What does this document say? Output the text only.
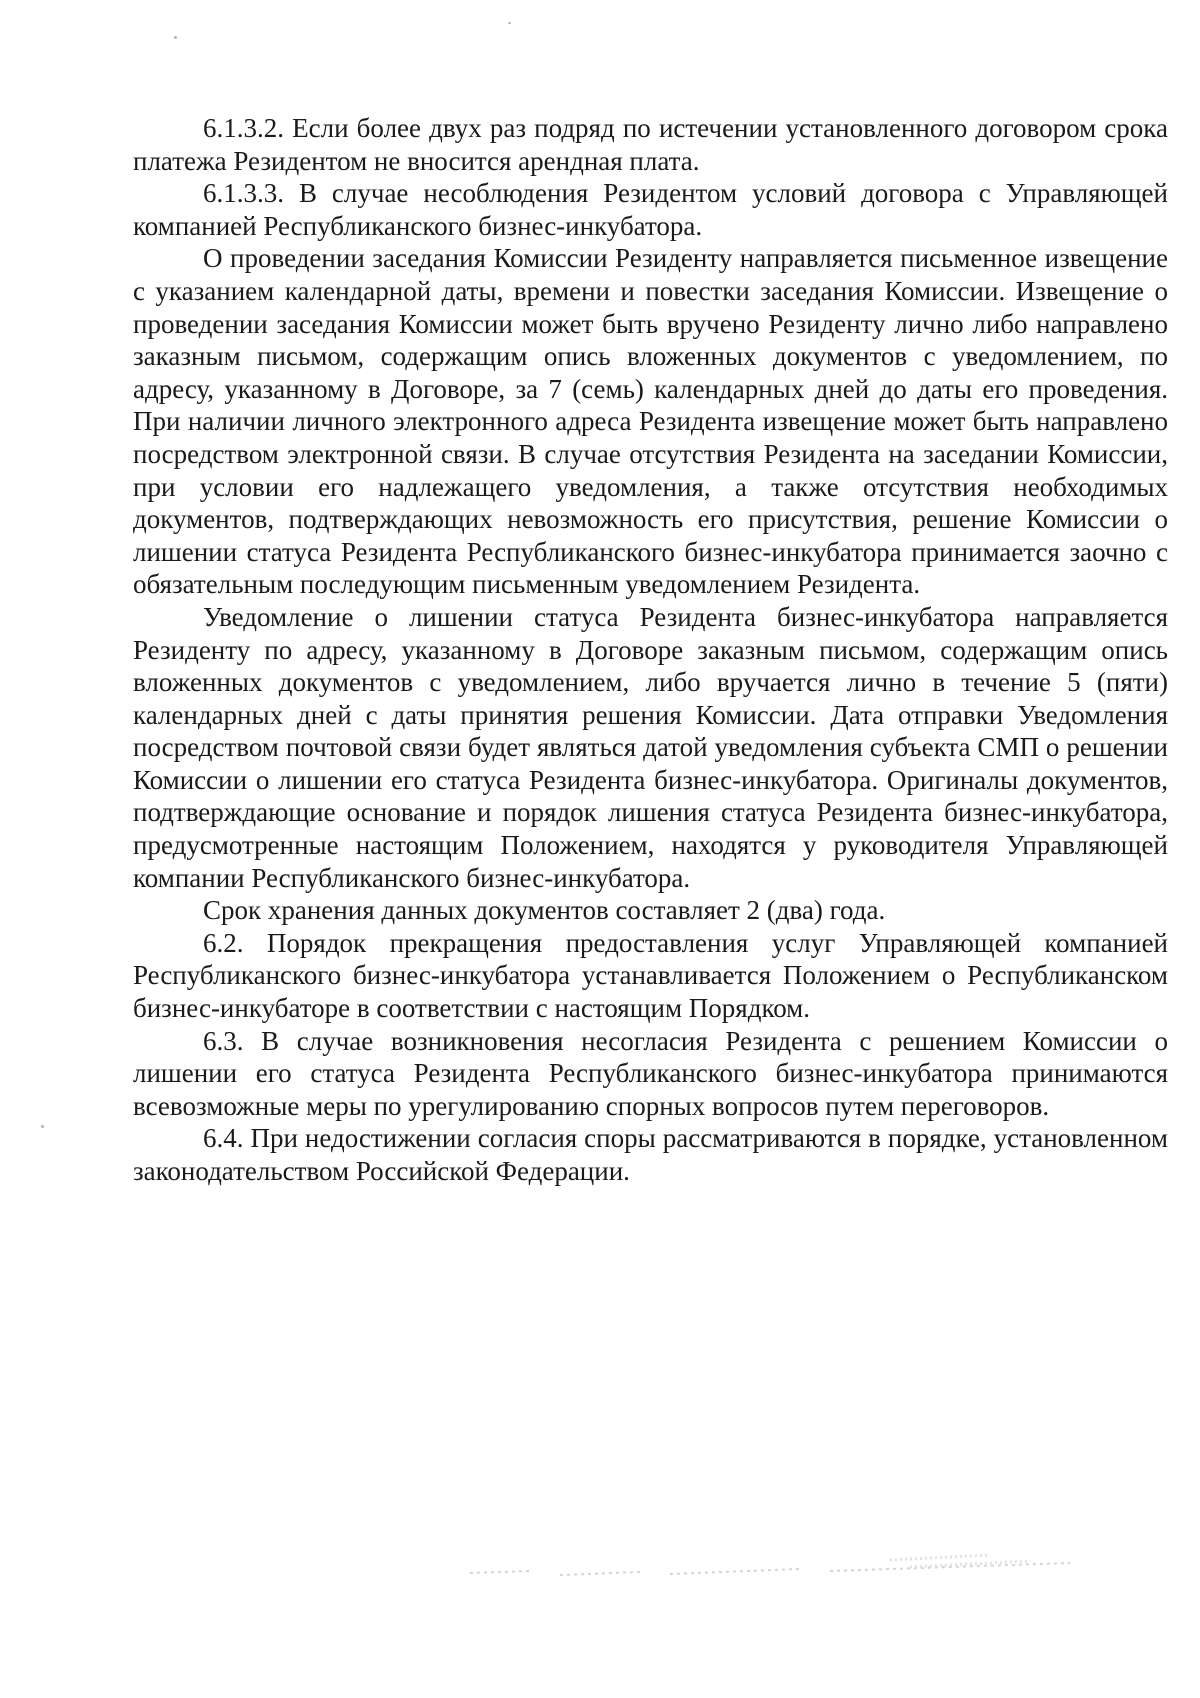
6.1.3.2. Если более двух раз подряд по истечении установленного договором срока платежа Резидентом не вносится арендная плата.

6.1.3.3. В случае несоблюдения Резидентом условий договора с Управляющей компанией Республиканского бизнес-инкубатора.

О проведении заседания Комиссии Резиденту направляется письменное извещение с указанием календарной даты, времени и повестки заседания Комиссии. Извещение о проведении заседания Комиссии может быть вручено Резиденту лично либо направлено заказным письмом, содержащим опись вложенных документов с уведомлением, по адресу, указанному в Договоре, за 7 (семь) календарных дней до даты его проведения. При наличии личного электронного адреса Резидента извещение может быть направлено посредством электронной связи. В случае отсутствия Резидента на заседании Комиссии, при условии его надлежащего уведомления, а также отсутствия необходимых документов, подтверждающих невозможность его присутствия, решение Комиссии о лишении статуса Резидента Республиканского бизнес-инкубатора принимается заочно с обязательным последующим письменным уведомлением Резидента.

Уведомление о лишении статуса Резидента бизнес-инкубатора направляется Резиденту по адресу, указанному в Договоре заказным письмом, содержащим опись вложенных документов с уведомлением, либо вручается лично в течение 5 (пяти) календарных дней с даты принятия решения Комиссии. Дата отправки Уведомления посредством почтовой связи будет являться датой уведомления субъекта СМП о решении Комиссии о лишении его статуса Резидента бизнес-инкубатора. Оригиналы документов, подтверждающие основание и порядок лишения статуса Резидента бизнес-инкубатора, предусмотренные настоящим Положением, находятся у руководителя Управляющей компании Республиканского бизнес-инкубатора.

Срок хранения данных документов составляет 2 (два) года.

6.2. Порядок прекращения предоставления услуг Управляющей компанией Республиканского бизнес-инкубатора устанавливается Положением о Республиканском бизнес-инкубаторе в соответствии с настоящим Порядком.

6.3. В случае возникновения несогласия Резидента с решением Комиссии о лишении его статуса Резидента Республиканского бизнес-инкубатора принимаются всевозможные меры по урегулированию спорных вопросов путем переговоров.

6.4. При недостижении согласия споры рассматриваются в порядке, установленном законодательством Российской Федерации.
